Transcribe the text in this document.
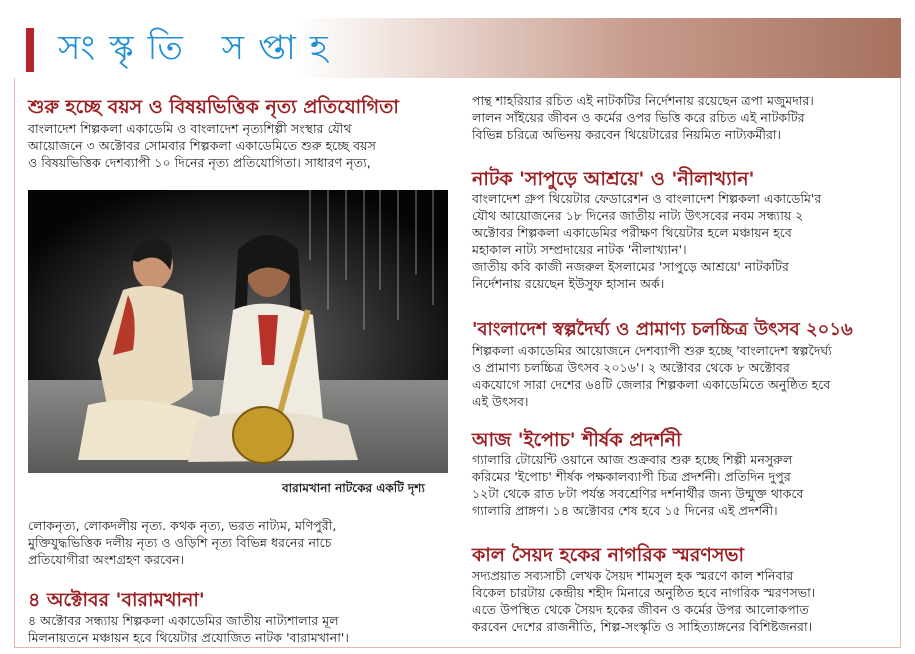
সংস্কৃতি সপ্তাহ
শুরু হচ্ছে বয়স ও বিষয়ভিত্তিক নৃত্য প্রতিযোগিতা
বাংলাদেশ শিল্পকলা একাডেমি ও বাংলাদেশ নৃত্যশিল্পী সংস্থার যৌথ
আয়োজনে ৩ অক্টোবর সোমবার শিল্পকলা একাডেমিতে শুরু হচ্ছে বয়স
ও বিষয়ভিত্তিক দেশব্যাপী ১০ দিনের নৃত্য প্রতিযোগিতা। সাধারণ নৃত্য,
বারামখানা নাটকের একটি দৃশ্য
লোকনৃত্য, লোকদলীয় নৃত্য. কথক নৃত্য, ভরত নাট্যম, মণিপুরী,
মুক্তিযুদ্ধভিত্তিক দলীয় নৃত্য ও ওড়িশি নৃত্য বিভিন্ন ধরনের নাচে
প্রতিযোগীরা অংশগ্রহণ করবেন।
৪ অক্টোবর 'বারামখানা'
৪ অক্টোবর সন্ধ্যায় শিল্পকলা একাডেমির জাতীয় নাট্যশালার মূল
মিলনায়তনে মঞ্চায়ন হবে থিয়েটার প্রযোজিত নাটক 'বারামখানা'।
পান্থ শাহরিয়ার রচিত এই নাটকটির নির্দেশনায় রয়েছেন ত্রপা মজুমদার।
লালন সাঁইয়ের জীবন ও কর্মের ওপর ভিত্তি করে রচিত এই নাটকটির
বিভিন্ন চরিত্রে অভিনয় করবেন থিয়েটারের নিয়মিত নাট্যকর্মীরা।
নাটক 'সাপুড়ে আশ্রয়ে' ও 'নীলাখ্যান'
বাংলাদেশ গ্রুপ থিয়েটার ফেডারেশন ও বাংলাদেশ শিল্পকলা একাডেমি'র
যৌথ আয়োজনের ১৮ দিনের জাতীয় নাট্য উৎসবের নবম সন্ধ্যায় ২
অক্টোবর শিল্পকলা একাডেমির পরীক্ষণ থিয়েটার হলে মঞ্চায়ন হবে
মহাকাল নাট্য সম্প্রদায়ের নাটক 'নীলাখ্যান'।
জাতীয় কবি কাজী নজরুল ইসলামের 'সাপুড়ে আশ্রয়ে' নাটকটির
নির্দেশনায় রয়েছেন ইউসুফ হাসান অর্ক।
'বাংলাদেশ স্বল্পদৈর্ঘ্য ও প্রামাণ্য চলচ্চিত্র উৎসব ২০১৬
শিল্পকলা একাডেমির আয়োজনে দেশব্যাপী শুরু হচ্ছে 'বাংলাদেশ স্বল্পদৈর্ঘ্য
ও প্রামাণ্য চলচ্চিত্র উৎসব ২০১৬'। ২ অক্টোবর থেকে ৮ অক্টোবর
একযোগে সারা দেশের ৬৪টি জেলার শিল্পকলা একাডেমিতে অনুষ্ঠিত হবে
এই উৎসব।
আজ 'ইপোচ' শীর্ষক প্রদর্শনী
গ্যালারি টোয়েন্টি ওয়ানে আজ শুক্রবার শুরু হচ্ছে শিল্পী মনসুরুল
করিমের 'ইপোচ' শীর্ষক পক্ষকালব্যাপী চিত্র প্রদর্শনী। প্রতিদিন দুপুর
১২টা থেকে রাত ৮টা পর্যন্ত সবশ্রেণির দর্শনার্থীর জন্য উন্মুক্ত থাকবে
গ্যালারি প্রাঙ্গণ। ১৪ অক্টোবর শেষ হবে ১৫ দিনের এই প্রদর্শনী।
কাল সৈয়দ হকের নাগরিক স্মরণসভা
সদ্যপ্রয়াত সব্যসাচী লেখক সৈয়দ শামসুল হক স্মরণে কাল শনিবার
বিকেল চারটায় কেন্দ্রীয় শহীদ মিনারে অনুষ্ঠিত হবে নাগরিক স্মরণসভা।
এতে উপস্থিত থেকে সৈয়দ হকের জীবন ও কর্মের উপর আলোকপাত
করবেন দেশের রাজনীতি, শিল্প-সংস্কৃতি ও সাহিত্যাঙ্গনের বিশিষ্টজনরা।
